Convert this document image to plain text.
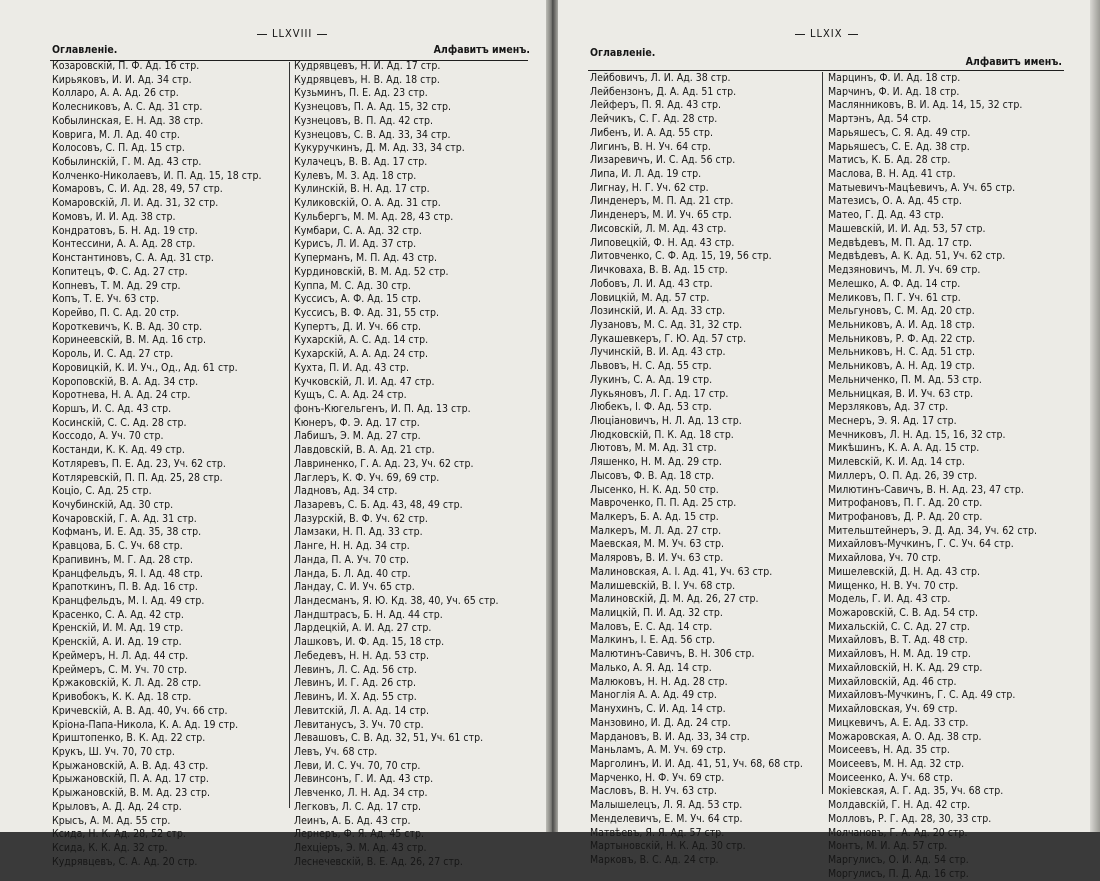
LLXVIII
Оглавленіе.	Алфавитъ именъ.
Козаровскій, П. Ф. Ад. 16 стр.
Кирьяковъ, И. И. Ад. 34 стр.
Колларо, А. А. Ад. 26 стр.
Колесниковъ, А. С. Ад. 31 стр.
Кобылинская, Е. Н. Ад. 38 стр.
Ковригa, М. Л. Ад. 40 стр.
Колосовъ, С. П. Ад. 15 стр.
Кобылинскій, Г. М. Ад. 43 стр.
Колченко-Николаевъ, И. П. Ад. 15, 18 стр.
Комаровъ, С. И. Ад. 28, 49, 57 стр.
Комаровскій, Л. И. Ад. 31, 32 стр.
Комовъ, И. И. Ад. 38 стр.
Кондратовъ, Б. Н. Ад. 19 стр.
Контессини, А. А. Ад. 28 стр.
Константиновъ, С. А. Ад. 31 стр.
Копитецъ, Ф. С. Ад. 27 стр.
Копневъ, Т. М. Ад. 29 стр.
Копъ, Т. Е. Уч. 63 стр.
Корейво, П. С. Ад. 20 стр.
Короткевичъ, К. В. Ад. 30 стр.
Коринеевскій, В. М. Ад. 16 стр.
Король, И. С. Ад. 27 стр.
Коровицкій, К. И. Уч., Од., Ад. 61 стр.
Короповскій, В. А. Ад. 34 стр.
Коротнева, Н. А. Ад. 24 стр.
Коршъ, И. С. Ад. 43 стр.
Косинскій, С. С. Ад. 28 стр.
Коссодо, А. Уч. 70 стр.
Костанди, К. К. Ад. 49 стр.
Котляревъ, П. Е. Ад. 23, Уч. 62 стр.
Котляревскій, П. П. Ад. 25, 28 стр.
Коціо, С. Ад. 25 стр.
Кочубинскій, Ад. 30 стр.
Кочаровскій, Г. А. Ад. 31 стр.
Кофманъ, И. Е. Ад. 35, 38 стр.
Кравцова, Б. С. Уч. 68 стр.
Крапивинъ, М. Г. Ад. 28 стр.
Кранцфельдъ, Я. І. Ад. 48 стр.
Крапоткинъ, П. В. Ад. 16 стр.
Кранцфельдъ, М. І. Ад. 49 стр.
Красенко, С. А. Ад. 42 стр.
Кренскій, И. М. Ад. 19 стр.
Кренскій, А. И. Ад. 19 стр.
Креймеръ, Н. Л. Ад. 44 стр.
Креймеръ, С. М. Уч. 70 стр.
Кржаковскій, К. Л. Ад. 28 стр.
Кривобокъ, К. К. Ад. 18 стр.
Кричевскій, А. В. Ад. 40, Уч. 66 стр.
Кріона-Папа-Никола, К. А. Ад. 19 стр.
Криштопенко, В. К. Ад. 22 стр.
Крукъ, Ш. Уч. 70, 70 стр.
Крыжановскій, А. В. Ад. 43 стр.
Крыжановскій, П. А. Ад. 17 стр.
Крыжановскій, В. М. Ад. 23 стр.
Крыловъ, А. Д. Ад. 24 стр.
Крысъ, А. М. Ад. 55 стр.
Ксида, Н. К. Ад. 28, 52 стр.
Ксида, К. К. Ад. 32 стр.
Кудрявцевъ, С. А. Ад. 20 стр.
Кудрявцевъ, Н. И. Ад. 17 стр.
Кудрявцевъ, Н. В. Ад. 18 стр.
Кузьминъ, П. Е. Ад. 23 стр.
Кузнецовъ, П. А. Ад. 15, 32 стр.
Кузнецовъ, В. П. Ад. 42 стр.
Кузнецовъ, С. В. Ад. 33, 34 стр.
Кукуручкинъ, Д. М. Ад. 33, 34 стр.
Кулачецъ, В. В. Ад. 17 стр.
Кулевъ, М. З. Ад. 18 стр.
Кулинскій, В. Н. Ад. 17 стр.
Куликовскій, О. А. Ад. 31 стр.
Кульбергъ, М. М. Ад. 28, 43 стр.
Кумбари, С. А. Ад. 32 стр.
Курисъ, Л. И. Ад. 37 стр.
Куперманъ, М. П. Ад. 43 стр.
Курдиновскій, В. М. Ад. 52 стр.
Куппа, М. С. Ад. 30 стр.
Куссисъ, А. Ф. Ад. 15 стр.
Куссисъ, В. Ф. Ад. 31, 55 стр.
Купертъ, Д. И. Уч. 66 стр.
Кухарскій, А. С. Ад. 14 стр.
Кухарскій, А. А. Ад. 24 стр.
Кухта, П. И. Ад. 43 стр.
Кучковскій, Л. И. Ад. 47 стр.
Кущъ, С. А. Ад. 24 стр.
фонъ-Кюгельгенъ, И. П. Ад. 13 стр.
Кюнеръ, Ф. Э. Ад. 17 стр.
Лабишъ, Э. М. Ад. 27 стр.
Лавдовскій, В. А. Ад. 21 стр.
Лавриненко, Г. А. Ад. 23, Уч. 62 стр.
Лаглеръ, К. Ф. Уч. 69, 69 стр.
Ладновъ, Ад. 34 стр.
Лазаревъ, С. Б. Ад. 43, 48, 49 стр.
Лазурскій, В. Ф. Уч. 62 стр.
Ламзаки, Н. П. Ад. 33 стр.
Ланге, Н. Н. Ад. 34 стр.
Ланда, П. А. Уч. 70 стр.
Ланда, Б. Л. Ад. 40 стр.
Ландау, С. И. Уч. 65 стр.
Ландесманъ, Я. Ю. Кд. 38, 40, Уч. 65 стр.
Ландштрасъ, Б. Н. Ад. 44 стр.
Лардецкій, А. И. Ад. 27 стр.
Лашковъ, И. Ф. Ад. 15, 18 стр.
Лебедевъ, Н. Н. Ад. 53 стр.
Левинъ, Л. С. Ад. 56 стр.
Левинъ, И. Г. Ад. 26 стр.
Левинъ, И. Х. Ад. 55 стр.
Левитскій, Л. А. Ад. 14 стр.
Левитанусъ, З. Уч. 70 стр.
Левашовъ, С. В. Ад. 32, 51, Уч. 61 стр.
Левъ, Уч. 68 стр.
Леви, И. С. Уч. 70, 70 стр.
Левинсонъ, Г. И. Ад. 43 стр.
Левченко, Л. Н. Ад. 34 стр.
Легковъ, Л. С. Ад. 17 стр.
Леинъ, А. Б. Ад. 43 стр.
Лернеръ, Ф. Я. Ад. 45 стр.
Лехціеръ, Э. М. Ад. 43 стр.
Леснечевскій, В. Е. Ад. 26, 27 стр.
LLXIX
Оглавленіе.
Алфавитъ именъ.
Лейбовичъ, Л. И. Ад. 38 стр.
Лейбензонъ, Д. А. Ад. 51 стр.
Лейферъ, П. Я. Ад. 43 стр.
Лейчикъ, С. Г. Ад. 28 стр.
Либенъ, И. А. Ад. 55 стр.
Лигинъ, В. Н. Уч. 64 стр.
Лизаревичъ, И. С. Ад. 56 стр.
Липа, И. Л. Ад. 19 стр.
Лигнау, Н. Г. Уч. 62 стр.
Линденеръ, М. П. Ад. 21 стр.
Линденеръ, М. И. Уч. 65 стр.
Лисовскій, Л. М. Ад. 43 стр.
Липовецкій, Ф. Н. Ад. 43 стр.
Литовченко, С. Ф. Ад. 15, 19, 56 стр.
Личковаха, В. В. Ад. 15 стр.
Лобовъ, Л. И. Ад. 43 стр.
Ловицкій, М. Ад. 57 стр.
Лозинскій, И. А. Ад. 33 стр.
Лузановъ, М. С. Ад. 31, 32 стр.
Лукашевкеръ, Г. Ю. Ад. 57 стр.
Лучинскій, В. И. Ад. 43 стр.
Львовъ, Н. С. Ад. 55 стр.
Лукинъ, С. А. Ад. 19 стр.
Лукьяновъ, Л. Г. Ад. 17 стр.
Любекъ, І. Ф. Ад. 53 стр.
Люціановичъ, Н. Л. Ад. 13 стр.
Людковскій, П. К. Ад. 18 стр.
Лютовъ, М. М. Ад. 31 стр.
Ляшенко, Н. М. Ад. 29 стр.
Лысовъ, Ф. В. Ад. 18 стр.
Лысенко, Н. К. Ад. 50 стр.
Мавроченко, П. П. Ад. 25 стр.
Малкеръ, Б. А. Ад. 15 стр.
Малкеръ, М. Л. Ад. 27 стр.
Маевская, М. М. Уч. 63 стр.
Маляровъ, В. И. Уч. 63 стр.
Малиновская, А. І. Ад. 41, Уч. 63 стр.
Малишевскій, В. І. Уч. 68 стр.
Малиновскій, Д. М. Ад. 26, 27 стр.
Малицкій, П. И. Ад. 32 стр.
Маловъ, Е. С. Ад. 14 стр.
Малкинъ, І. Е. Ад. 56 стр.
Малютинъ-Савичъ, В. Н. 306 стр.
Малько, А. Я. Ад. 14 стр.
Малюковъ, Н. Н. Ад. 28 стр.
Маноглія А. А. Ад. 49 стр.
Манухинъ, С. И. Ад. 14 стр.
Манзовино, И. Д. Ад. 24 стр.
Мардановъ, В. И. Ад. 33, 34 стр.
Маньламъ, А. М. Уч. 69 стр.
Марголинъ, И. И. Ад. 41, 51, Уч. 68, 68 стр.
Марченко, Н. Ф. Уч. 69 стр.
Масловъ, В. Н. Уч. 63 стр.
Малышелецъ, Л. Я. Ад. 53 стр.
Менделевичъ, Е. М. Уч. 64 стр.
Матвѣевъ, Я. Я. Ад. 57 стр.
Мартыновскій, Н. К. Ад. 30 стр.
Марковъ, В. С. Ад. 24 стр.
Марцинъ, Ф. И. Ад. 18 стр.
Марчинъ, Ф. И. Ад. 18 стр.
Маслянниковъ, В. И. Ад. 14, 15, 32 стр.
Мартэнъ, Ад. 54 стр.
Марьяшесъ, С. Я. Ад. 49 стр.
Марьяшесъ, С. Е. Ад. 38 стр.
Матисъ, К. Б. Ад. 28 стр.
Маслова, В. Н. Ад. 41 стр.
Матыевичъ-Мацѣевичъ, А. Уч. 65 стр.
Матезисъ, О. А. Ад. 45 стр.
Матео, Г. Д. Ад. 43 стр.
Машевскій, И. И. Ад. 53, 57 стр.
Медвѣдевъ, М. П. Ад. 17 стр.
Медвѣдевъ, А. К. Ад. 51, Уч. 62 стр.
Медзяновичъ, М. Л. Уч. 69 стр.
Мелешко, А. Ф. Ад. 14 стр.
Меликовъ, П. Г. Уч. 61 стр.
Мельгуновъ, С. М. Ад. 20 стр.
Мельниковъ, А. И. Ад. 18 стр.
Мельниковъ, Р. Ф. Ад. 22 стр.
Мельниковъ, Н. С. Ад. 51 стр.
Мельниковъ, А. Н. Ад. 19 стр.
Мельниченко, П. М. Ад. 53 стр.
Мельницкая, В. И. Уч. 63 стр.
Мерзляковъ, Ад. 37 стр.
Меснеръ, Э. Я. Ад. 17 стр.
Мечниковъ, Л. Н. Ад. 15, 16, 32 стр.
Микѣшинъ, К. А. А. Ад. 15 стр.
Милевскій, К. И. Ад. 14 стр.
Миллеръ, О. П. Ад. 26, 39 стр.
Милютинъ-Савичъ, В. Н. Ад. 23, 47 стр.
Митрофановъ, П. Г. Ад. 20 стр.
Митрофановъ, Д. Р. Ад. 20 стр.
Мительштейнеръ, Э. Д. Ад. 34, Уч. 62 стр.
Михайловъ-Мучкинъ, Г. С. Уч. 64 стр.
Михайлова, Уч. 70 стр.
Мишелевскій, Д. Н. Ад. 43 стр.
Мищенко, Н. В. Уч. 70 стр.
Модель, Г. И. Ад. 43 стр.
Можаровскій, С. В. Ад. 54 стр.
Михальскій, С. С. Ад. 27 стр.
Михайловъ, В. Т. Ад. 48 стр.
Михайловъ, Н. М. Ад. 19 стр.
Михайловскій, Н. К. Ад. 29 стр.
Михайловскій, Ад. 46 стр.
Михайловъ-Мучкинъ, Г. С. Ад. 49 стр.
Михайловская, Уч. 69 стр.
Мицкевичъ, А. Е. Ад. 33 стр.
Можаровская, А. О. Ад. 38 стр.
Моисеевъ, Н. Ад. 35 стр.
Моисеевъ, М. Н. Ад. 32 стр.
Моисеенко, А. Уч. 68 стр.
Мокіевская, А. Г. Ад. 35, Уч. 68 стр.
Молдавскій, Г. Н. Ад. 42 стр.
Молловъ, Р. Г. Ад. 28, 30, 33 стр.
Молчановъ, Г. А. Ад. 20 стр.
Монтъ, М. И. Ад. 57 стр.
Маргулисъ, О. И. Ад. 54 стр.
Моргулисъ, П. Д. Ад. 16 стр.
